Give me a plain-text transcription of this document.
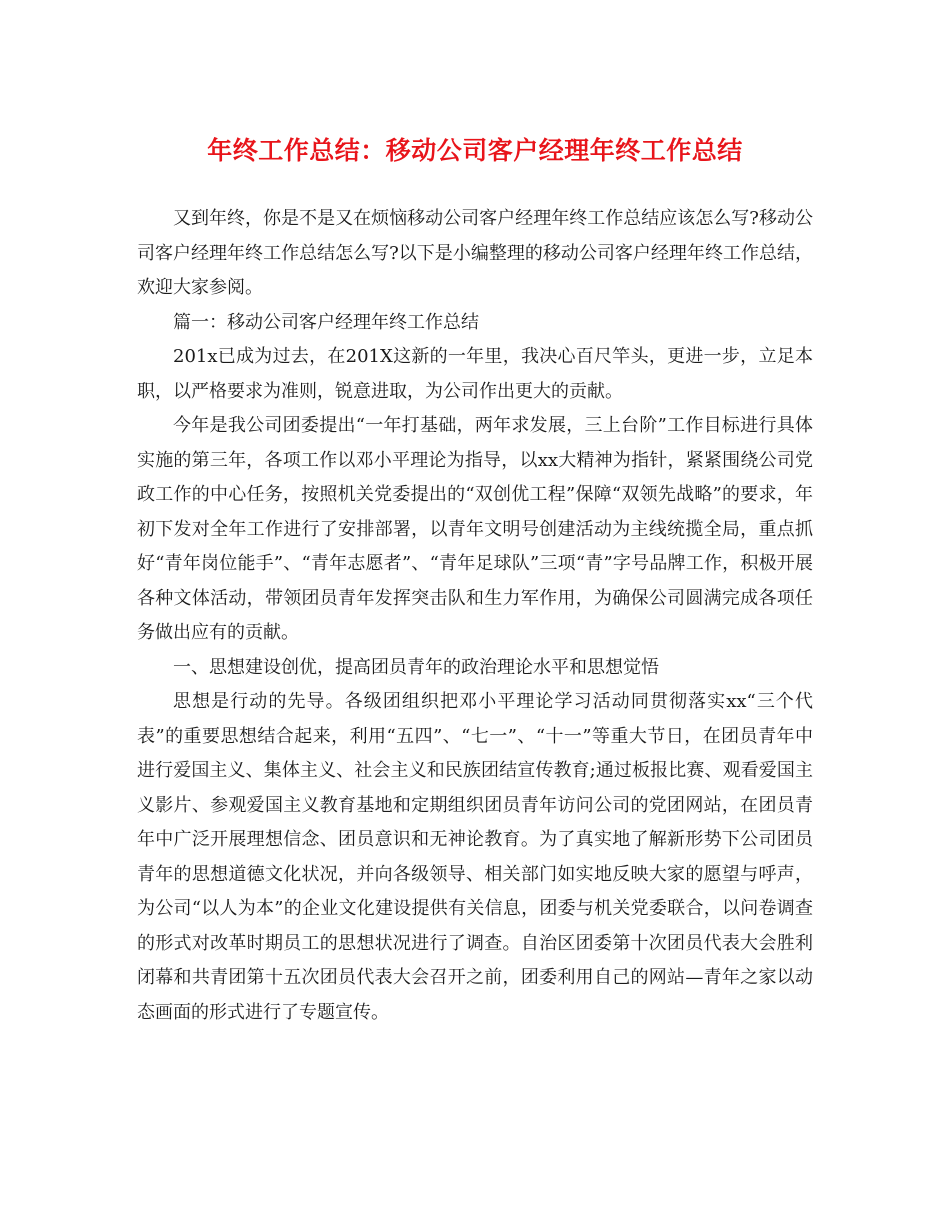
年终工作总结：移动公司客户经理年终工作总结

又到年终，你是不是又在烦恼移动公司客户经理年终工作总结应该怎么写?移动公司客户经理年终工作总结怎么写?以下是小编整理的移动公司客户经理年终工作总结，欢迎大家参阅。

篇一：移动公司客户经理年终工作总结

201x已成为过去，在201X这新的一年里，我决心百尺竿头，更进一步，立足本职，以严格要求为准则，锐意进取，为公司作出更大的贡献。

今年是我公司团委提出“一年打基础，两年求发展，三上台阶”工作目标进行具体实施的第三年，各项工作以邓小平理论为指导，以xx大精神为指针，紧紧围绕公司党政工作的中心任务，按照机关党委提出的“双创优工程”保障“双领先战略”的要求，年初下发对全年工作进行了安排部署，以青年文明号创建活动为主线统揽全局，重点抓好“青年岗位能手”、“青年志愿者”、“青年足球队”三项“青”字号品牌工作，积极开展各种文体活动，带领团员青年发挥突击队和生力军作用，为确保公司圆满完成各项任务做出应有的贡献。

一、思想建设创优，提高团员青年的政治理论水平和思想觉悟

思想是行动的先导。各级团组织把邓小平理论学习活动同贯彻落实xx“三个代表”的重要思想结合起来，利用“五四”、“七一”、“十一”等重大节日，在团员青年中进行爱国主义、集体主义、社会主义和民族团结宣传教育;通过板报比赛、观看爱国主义影片、参观爱国主义教育基地和定期组织团员青年访问公司的党团网站，在团员青年中广泛开展理想信念、团员意识和无神论教育。为了真实地了解新形势下公司团员青年的思想道德文化状况，并向各级领导、相关部门如实地反映大家的愿望与呼声，为公司“以人为本”的企业文化建设提供有关信息，团委与机关党委联合，以问卷调查的形式对改革时期员工的思想状况进行了调查。自治区团委第十次团员代表大会胜利闭幕和共青团第十五次团员代表大会召开之前，团委利用自己的网站—青年之家以动态画面的形式进行了专题宣传。
